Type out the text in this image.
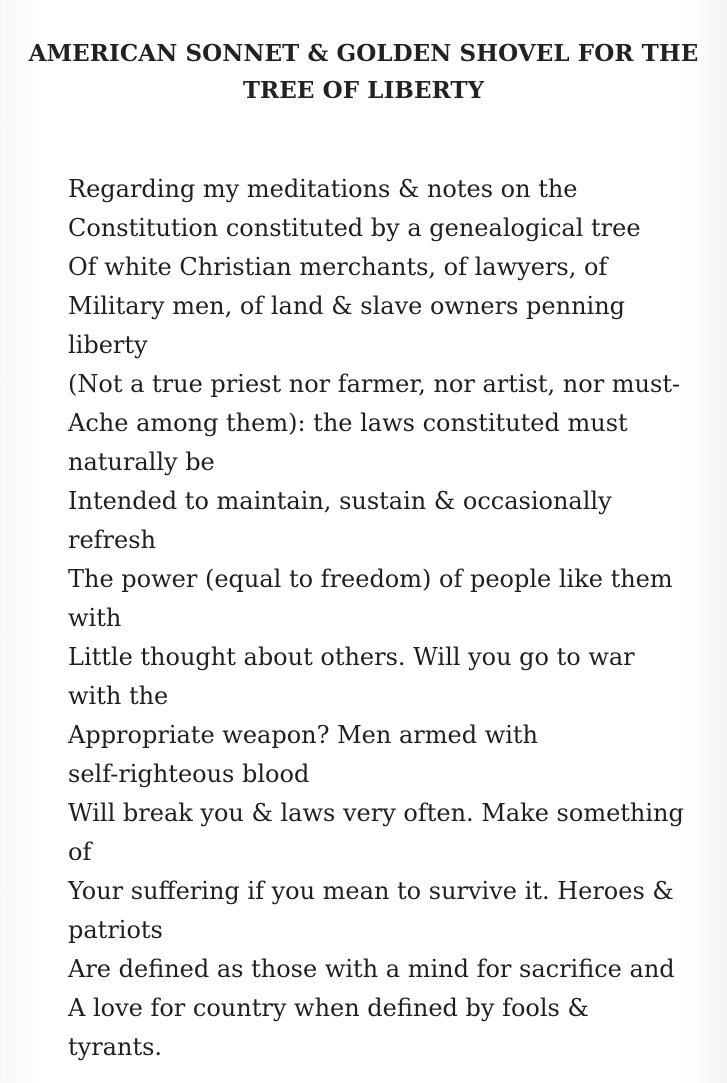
AMERICAN SONNET & GOLDEN SHOVEL FOR THE
TREE OF LIBERTY
Regarding my meditations & notes on the
Constitution constituted by a genealogical tree
Of white Christian merchants, of lawyers, of
Military men, of land & slave owners penning
liberty
(Not a true priest nor farmer, nor artist, nor must-
Ache among them): the laws constituted must
naturally be
Intended to maintain, sustain & occasionally
refresh
The power (equal to freedom) of people like them
with
Little thought about others. Will you go to war
with the
Appropriate weapon? Men armed with
self-righteous blood
Will break you & laws very often. Make something
of
Your suffering if you mean to survive it. Heroes &
patriots
Are defined as those with a mind for sacrifice and
A love for country when defined by fools &
tyrants.
